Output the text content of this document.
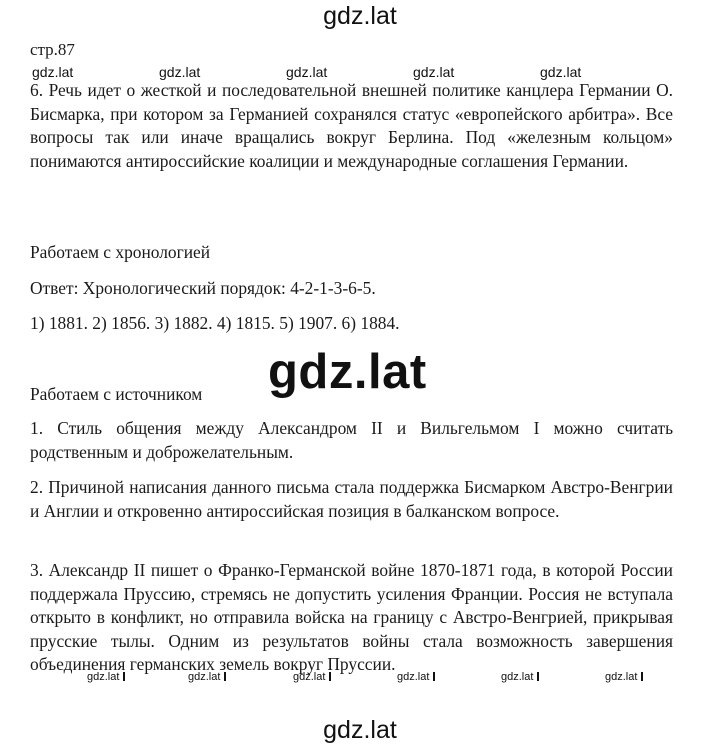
gdz.lat
стр.87
6. Речь идет о жесткой и последовательной внешней политике канцлера Германии О. Бисмарка, при котором за Германией сохранялся статус «европейского арбитра». Все вопросы так или иначе вращались вокруг Берлина. Под «железным кольцом» понимаются антироссийские коалиции и международные соглашения Германии.
gdz.lat	gdz.lat	gdz.lat	gdz.lat	gdz.lat
Работаем с хронологией
Ответ: Хронологический порядок: 4-2-1-3-6-5.
1) 1881. 2) 1856. 3) 1882. 4) 1815. 5) 1907. 6) 1884.
gdz.lat
Работаем с источником
1. Стиль общения между Александром II и Вильгельмом I можно считать родственным и доброжелательным.
2. Причиной написания данного письма стала поддержка Бисмарком Австро-Венгрии и Англии и откровенно антироссийская позиция в балканском вопросе.
3. Александр II пишет о Франко-Германской войне 1870-1871 года, в которой России поддержала Пруссию, стремясь не допустить усиления Франции. Россия не вступала открыто в конфликт, но отправила войска на границу с Австро-Венгрией, прикрывая прусские тылы. Одним из результатов войны стала возможность завершения объединения германских земель вокруг Пруссии.
gdz.lat	gdz.lat	gdz.lat	gdz.lat	gdz.lat	gdz.lat
gdz.lat
